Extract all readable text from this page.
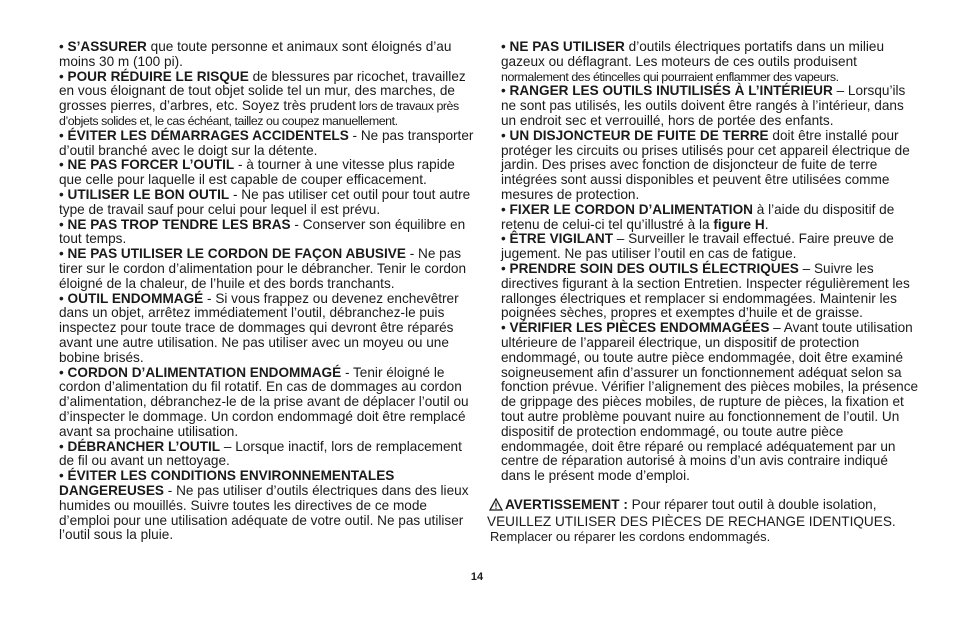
• S’ASSURER que toute personne et animaux sont éloignés d’au moins 30 m (100 pi).

• POUR RÉDUIRE LE RISQUE de blessures par ricochet, travaillez en vous éloignant de tout objet solide tel un mur, des marches, de grosses pierres, d’arbres, etc. Soyez très prudent lors de travaux près d’objets solides et, le cas échéant, taillez ou coupez manuellement.

• ÉVITER LES DÉMARRAGES ACCIDENTELS - Ne pas transporter d’outil branché avec le doigt sur la détente.

• NE PAS FORCER L’OUTIL - à tourner à une vitesse plus rapide que celle pour laquelle il est capable de couper efficacement.

• UTILISER LE BON OUTIL - Ne pas utiliser cet outil pour tout autre type de travail sauf pour celui pour lequel il est prévu.

• NE PAS TROP TENDRE LES BRAS - Conserver son équilibre en tout temps.

• NE PAS UTILISER LE CORDON DE FAÇON ABUSIVE - Ne pas tirer sur le cordon d’alimentation pour le débrancher. Tenir le cordon éloigné de la chaleur, de l’huile et des bords tranchants.

• OUTIL ENDOMMAGÉ - Si vous frappez ou devenez enchevêtrer dans un objet, arrêtez immédiatement l’outil, débranchez-le puis inspectez pour toute trace de dommages qui devront être réparés avant une autre utilisation. Ne pas utiliser avec un moyeu ou une bobine brisés.

• CORDON D’ALIMENTATION ENDOMMAGÉ - Tenir éloigné le cordon d’alimentation du fil rotatif. En cas de dommages au cordon d’alimentation, débranchez-le de la prise avant de déplacer l’outil ou d’inspecter le dommage. Un cordon endommagé doit être remplacé avant sa prochaine utilisation.

• DÉBRANCHER L’OUTIL – Lorsque inactif, lors de remplacement de fil ou avant un nettoyage.

• ÉVITER LES CONDITIONS ENVIRONNEMENTALES DANGEREUSES - Ne pas utiliser d’outils électriques dans des lieux humides ou mouillés. Suivre toutes les directives de ce mode d’emploi pour une utilisation adéquate de votre outil. Ne pas utiliser l’outil sous la pluie.

• NE PAS UTILISER d’outils électriques portatifs dans un milieu gazeux ou déflagrant. Les moteurs de ces outils produisent normalement des étincelles qui pourraient enflammer des vapeurs.

• RANGER LES OUTILS INUTILISÉS À L’INTÉRIEUR – Lorsqu’ils ne sont pas utilisés, les outils doivent être rangés à l’intérieur, dans un endroit sec et verrouillé, hors de portée des enfants.

• UN DISJONCTEUR DE FUITE DE TERRE doit être installé pour protéger les circuits ou prises utilisés pour cet appareil électrique de jardin. Des prises avec fonction de disjoncteur de fuite de terre intégrées sont aussi disponibles et peuvent être utilisées comme mesures de protection.

• FIXER LE CORDON D’ALIMENTATION à l’aide du dispositif de retenu de celui-ci tel qu’illustré à la figure H.

• ÊTRE VIGILANT – Surveiller le travail effectué. Faire preuve de jugement. Ne pas utiliser l’outil en cas de fatigue.

• PRENDRE SOIN DES OUTILS ÉLECTRIQUES – Suivre les directives figurant à la section Entretien. Inspecter régulièrement les rallonges électriques et remplacer si endommagées. Maintenir les poignées sèches, propres et exemptes d’huile et de graisse.

• VÉRIFIER LES PIÈCES ENDOMMAGÉES – Avant toute utilisation ultérieure de l’appareil électrique, un dispositif de protection endommagé, ou toute autre pièce endommagée, doit être examiné soigneusement afin d’assurer un fonctionnement adéquat selon sa fonction prévue. Vérifier l’alignement des pièces mobiles, la présence de grippage des pièces mobiles, de rupture de pièces, la fixation et tout autre problème pouvant nuire au fonctionnement de l’outil. Un dispositif de protection endommagé, ou toute autre pièce endommagée, doit être réparé ou remplacé adéquatement par un centre de réparation autorisé à moins d’un avis contraire indiqué dans le présent mode d’emploi.

AVERTISSEMENT : Pour réparer tout outil à double isolation,

VEUILLEZ UTILISER DES PIÈCES DE RECHANGE IDENTIQUES.

Remplacer ou réparer les cordons endommagés.

14
